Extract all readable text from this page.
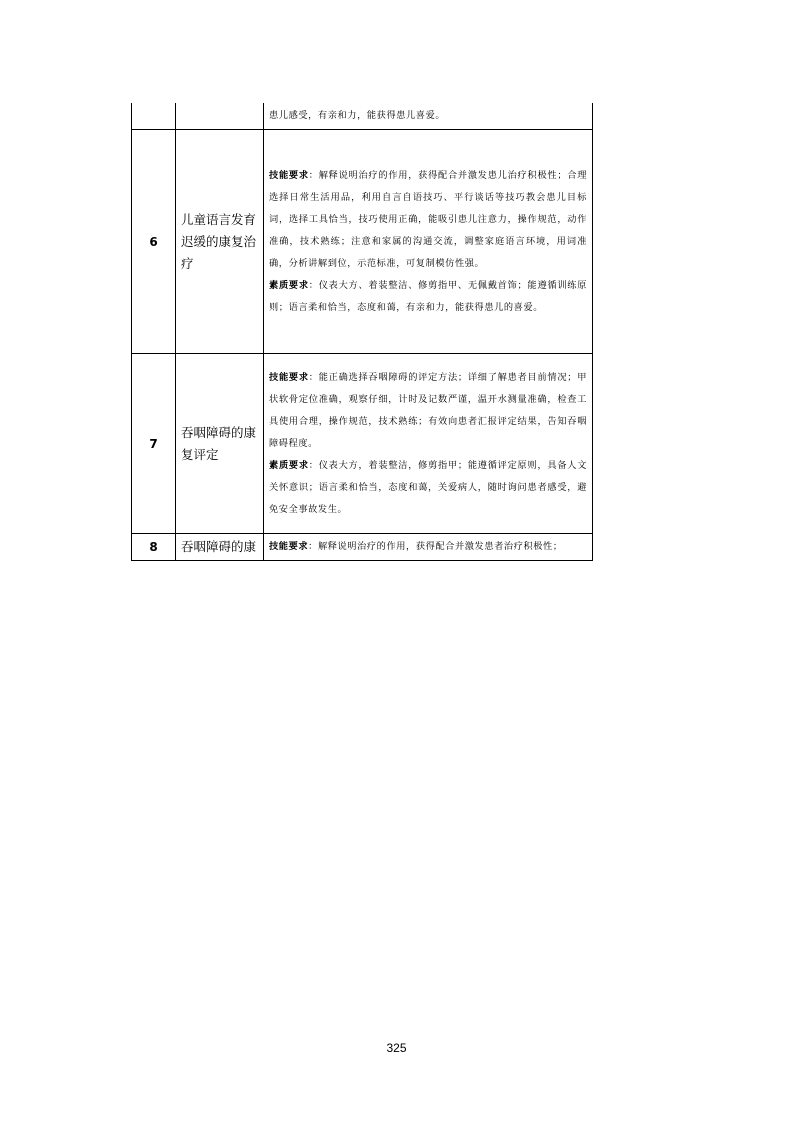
		患儿感受，有亲和力，能获得患儿喜爱。

6	儿童语言发育迟缓的康复治疗	技能要求：解释说明治疗的作用，获得配合并激发患儿治疗积极性；合理选择日常生活用品，利用自言自语技巧、平行谈话等技巧教会患儿目标词，选择工具恰当，技巧使用正确，能吸引患儿注意力，操作规范，动作准确，技术熟练；注意和家属的沟通交流，调整家庭语言环境，用词准确，分析讲解到位，示范标准，可复制模仿性强。

素质要求：仪表大方、着装整洁、修剪指甲、无佩戴首饰；能遵循训练原则；语言柔和恰当，态度和蔼，有亲和力，能获得患儿的喜爱。

7	吞咽障碍的康复评定	技能要求：能正确选择吞咽障碍的评定方法；详细了解患者目前情况；甲状软骨定位准确，观察仔细，计时及记数严谨，温开水测量准确，检查工具使用合理，操作规范，技术熟练；有效向患者汇报评定结果，告知吞咽障碍程度。

素质要求：仪表大方，着装整洁，修剪指甲；能遵循评定原则，具备人文关怀意识；语言柔和恰当，态度和蔼，关爱病人，随时询问患者感受，避免安全事故发生。

8	吞咽障碍的康	技能要求：解释说明治疗的作用，获得配合并激发患者治疗积极性；

325
